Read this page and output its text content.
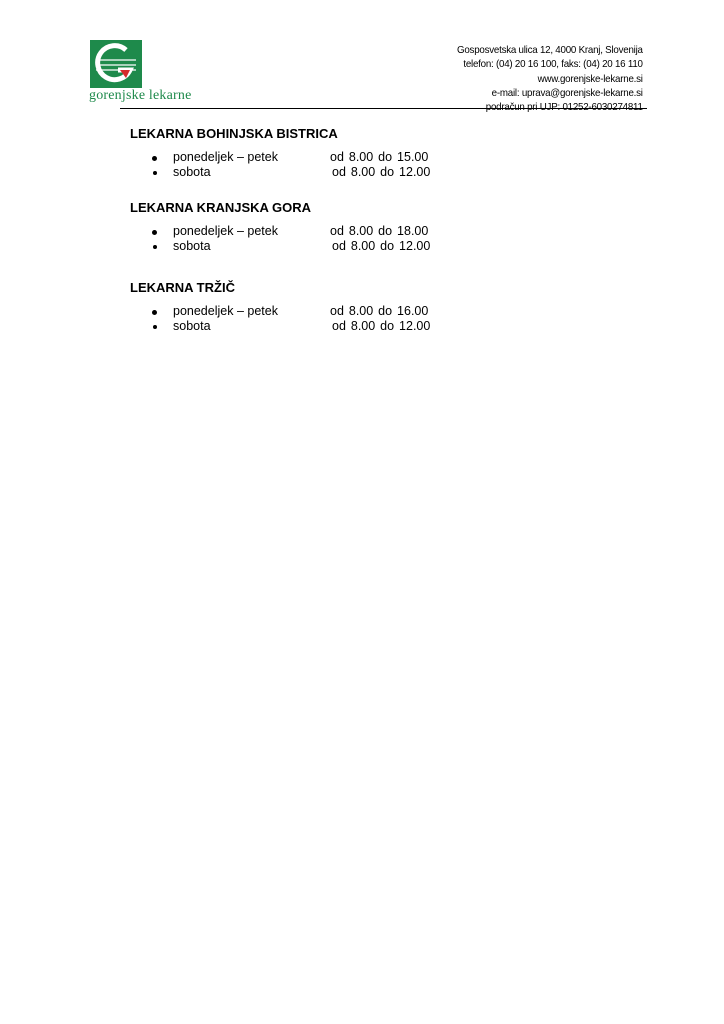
gorenjske lekarne
Gosposvetska ulica 12, 4000 Kranj, Slovenija
telefon: (04) 20 16 100, faks: (04) 20 16 110
www.gorenjske-lekarne.si
e-mail: uprava@gorenjske-lekarne.si
podračun pri UJP: 01252-6030274811
LEKARNA BOHINJSKA BISTRICA
ponedeljek – petek	od 8.00 do 15.00
sobota	od 8.00 do 12.00
LEKARNA KRANJSKA GORA
ponedeljek – petek	od 8.00 do 18.00
sobota	od 8.00 do 12.00
LEKARNA TRŽIČ
ponedeljek – petek	od 8.00 do 16.00
sobota	od 8.00 do 12.00
